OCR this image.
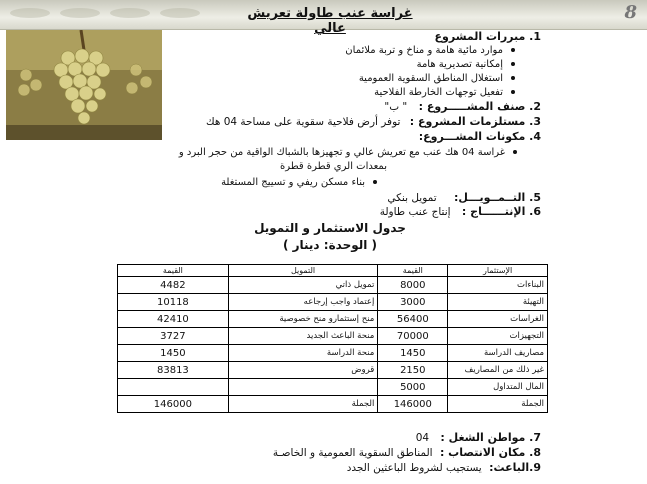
8
غراسة عنب طاولة تعريش عالي
1. مبررات المشروع
موارد مائية هامة و مناخ و تربة ملائمان
إمكانية تصديرية هامة
استغلال المناطق السقوية العمومية
تفعيل توجهات الخارطة الفلاحية
2. صنف المشـــــروع : " ب"
3. مستلزمات المشروع : توفر أرض فلاحية سقوية على مساحة 04 هك
4. مكونات المشـــروع:
غراسة 04 هك عنب مع تعريش عالي و تجهيزها بالشباك الواقية من حجر البرد و
بمعدات الري قطرة قطرة
بناء مسكن ريفي و تسييج المستغلة
5. التــمــويـــل: تمويل بنكي
6. الإنتــــــاج : إنتاج عنب طاولة
جدول الاستثمار و التمويل
( الوحدة: دينار )
الإستثمار	القيمة	التمويل	القيمة
البناءات	8000	تمويل ذاتي	4482
التهيئة	3000	إعتماد واجب إرجاعه	10118
الغراسات	56400	منح إستثمارو منح خصوصية	42410
التجهيزات	70000	منحة الباعث الجديد	3727
مصاريف الدراسة	1450	منحة الدراسة	1450
غير ذلك من المصاريف	2150	قروض	83813
المال المتداول	5000		
الجملة	146000	الجملة	146000
7. مواطن الشغل : 04
8. مكان الانتصاب : المناطق السقوية العمومية و الخاصـة
9.الباعث: يستجيب لشروط الباعثين الجدد
